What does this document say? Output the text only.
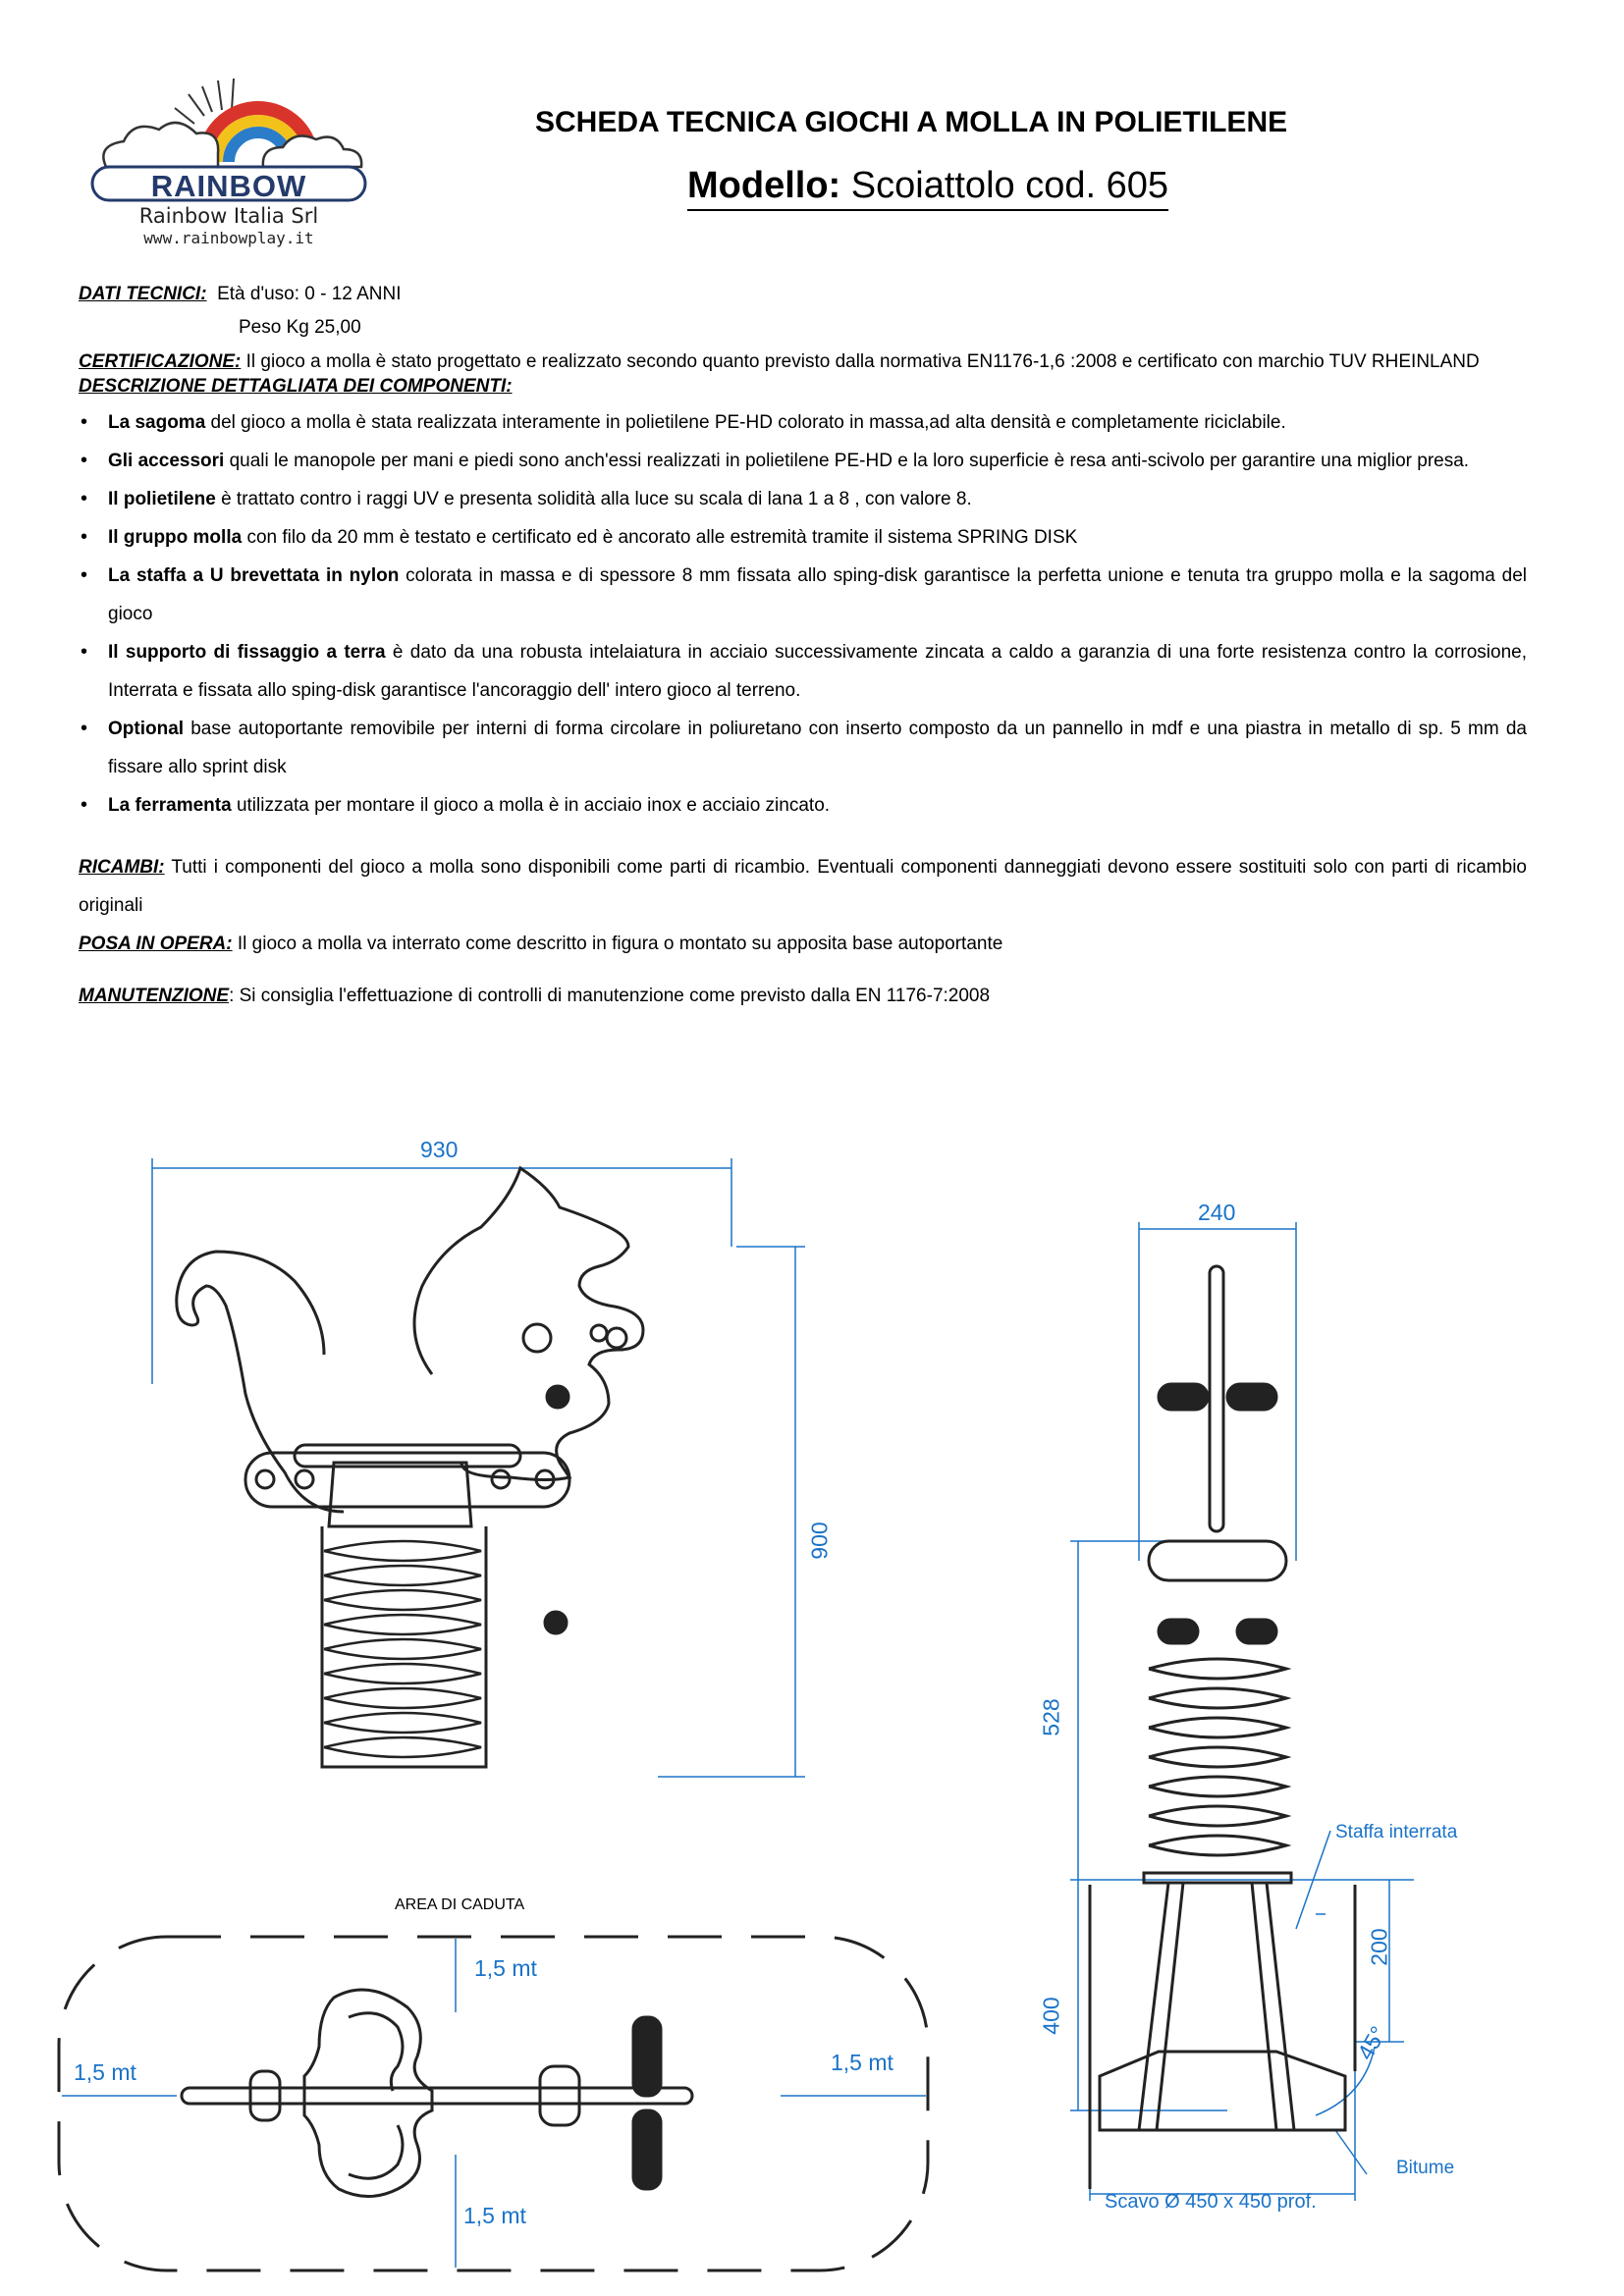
RAINBOW
Rainbow Italia Srl
www.rainbowplay.it
SCHEDA TECNICA GIOCHI A MOLLA IN POLIETILENE
Modello: Scoiattolo cod. 605
DATI TECNICI: Età d'uso: 0 - 12 ANNI
Peso Kg 25,00
CERTIFICAZIONE: Il gioco a molla è stato progettato e realizzato secondo quanto previsto dalla normativa EN1176-1,6 :2008 e certificato con marchio TUV RHEINLAND
DESCRIZIONE DETTAGLIATA DEI COMPONENTI:
• La sagoma del gioco a molla è stata realizzata interamente in polietilene PE-HD colorato in massa,ad alta densità e completamente riciclabile.
• Gli accessori quali le manopole per mani e piedi sono anch'essi realizzati in polietilene PE-HD e la loro superficie è resa anti-scivolo per garantire una miglior presa.
• Il polietilene è trattato contro i raggi UV e presenta solidità alla luce su scala di lana 1 a 8 , con valore 8.
• Il gruppo molla con filo da 20 mm è testato e certificato ed è ancorato alle estremità tramite il sistema SPRING DISK
• La staffa a U brevettata in nylon colorata in massa e di spessore 8 mm fissata allo sping-disk garantisce la perfetta unione e tenuta tra gruppo molla e la sagoma del gioco
• Il supporto di fissaggio a terra è dato da una robusta intelaiatura in acciaio successivamente zincata a caldo a garanzia di una forte resistenza contro la corrosione, Interrata e fissata allo sping-disk garantisce l'ancoraggio dell' intero gioco al terreno.
• Optional base autoportante removibile per interni di forma circolare in poliuretano con inserto composto da un pannello in mdf e una piastra in metallo di sp. 5 mm da fissare allo sprint disk
• La ferramenta utilizzata per montare il gioco a molla è in acciaio inox e acciaio zincato.
RICAMBI: Tutti i componenti del gioco a molla sono disponibili come parti di ricambio. Eventuali componenti danneggiati devono essere sostituiti solo con parti di ricambio originali
POSA IN OPERA: Il gioco a molla va interrato come descritto in figura o montato su apposita base autoportante
MANUTENZIONE: Si consiglia l'effettuazione di controlli di manutenzione come previsto dalla EN 1176-7:2008
930
900
240
528
400
200
45°
Staffa interrata
Bitume
Scavo Ø 450 x 450 prof.
AREA DI CADUTA
1,5 mt
1,5 mt	1,5 mt
1,5 mt
